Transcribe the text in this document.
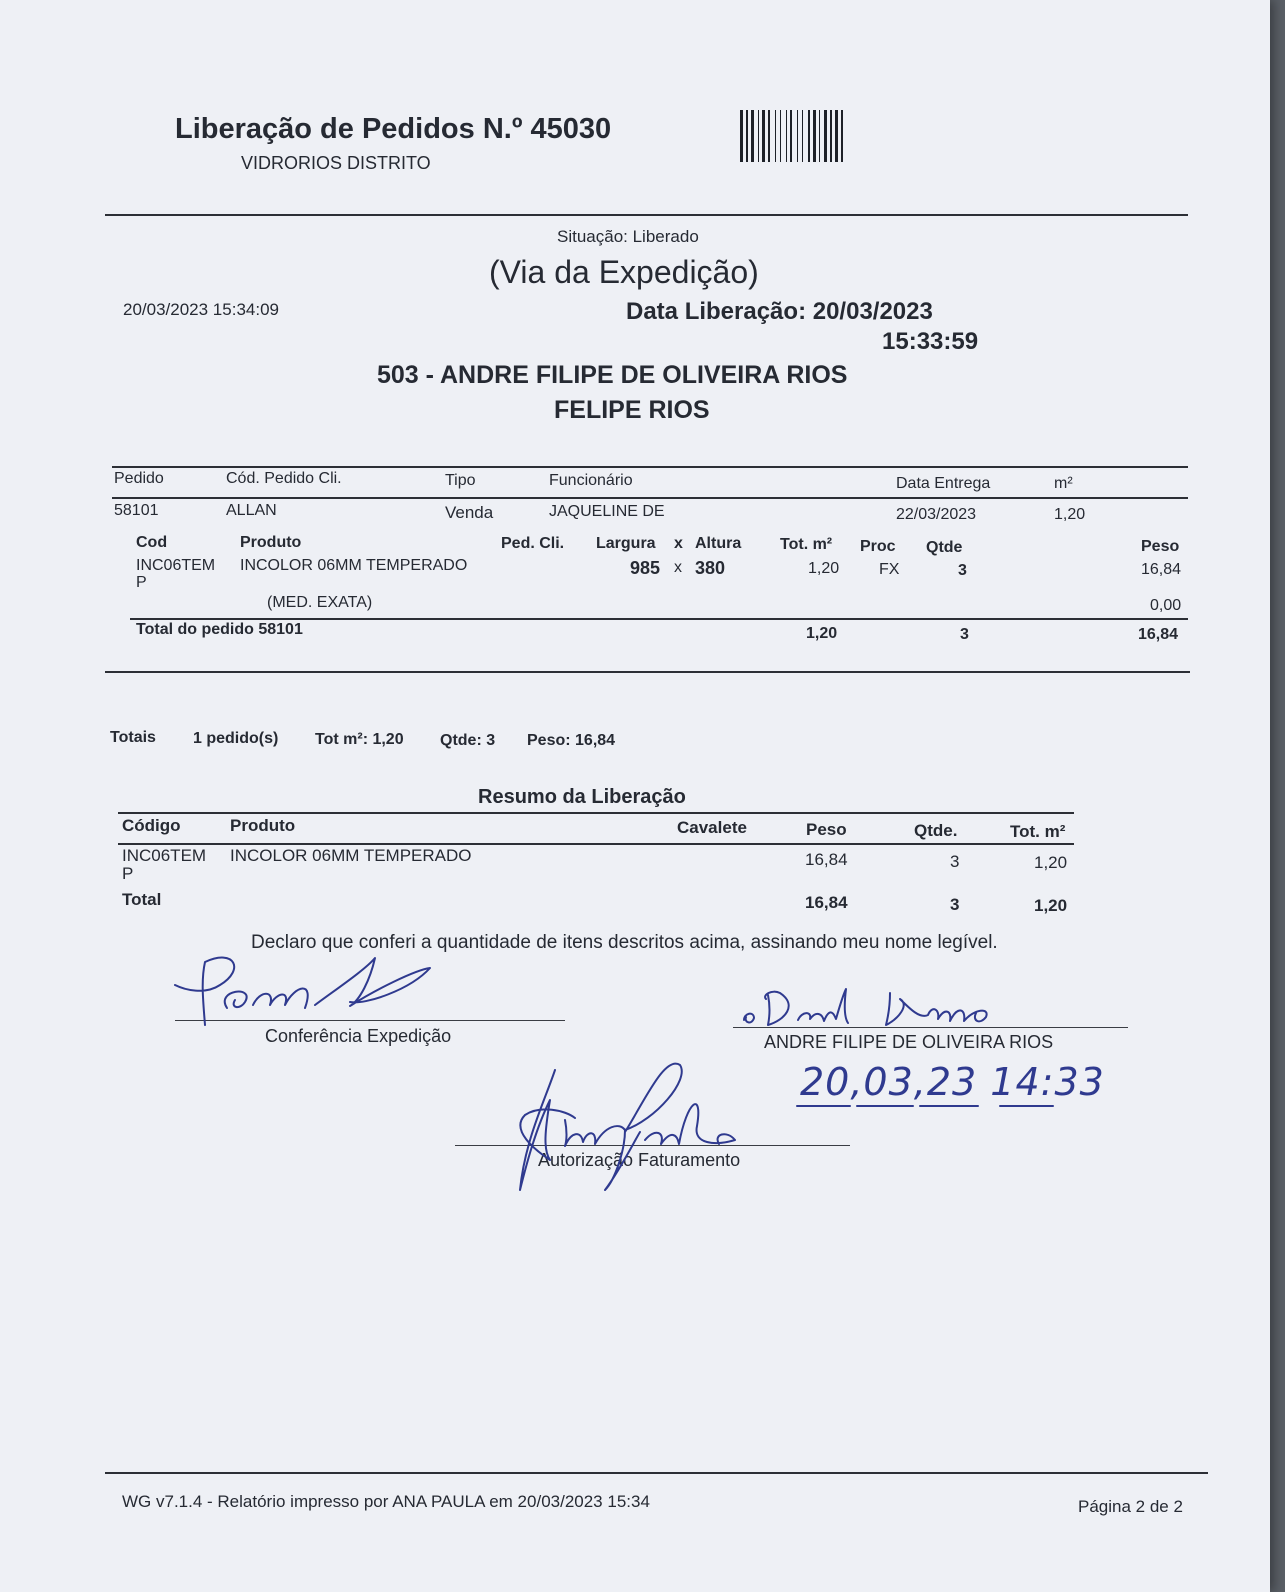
Liberação de Pedidos N.º 45030
VIDRORIOS DISTRITO
Situação: Liberado
(Via da Expedição)
20/03/2023 15:34:09	Data Liberação: 20/03/2023
15:33:59
503 - ANDRE FILIPE DE OLIVEIRA RIOS
FELIPE RIOS
Pedido	Cód. Pedido Cli.	Tipo	Funcionário	Data Entrega	m²
58101	ALLAN	Venda	JAQUELINE DE	22/03/2023	1,20
Cod	Produto	Ped. Cli. Largura x Altura Tot. m² Proc Qtde	Peso
INC06TEM
P
INCOLOR 06MM TEMPERADO	985 x 380	1,20 FX	3	16,84
(MED. EXATA)	0,00
Total do pedido 58101	1,20	3	16,84
Totais 1 pedido(s) Tot m²: 1,20 Qtde: 3 Peso: 16,84
Resumo da Liberação
Código	Produto	Cavalete	Peso	Qtde.	Tot. m²
INC06TEM
P
INCOLOR 06MM TEMPERADO	16,84	3	1,20
Total	16,84	3	1,20
Declaro que conferi a quantidade de itens descritos acima, assinando meu nome legível.
Conferência Expedição	ANDRE FILIPE DE OLIVEIRA RIOS
20,03,23 14:33
Autorização Faturamento
WG v7.1.4 - Relatório impresso por ANA PAULA em 20/03/2023 15:34	Página 2 de 2
